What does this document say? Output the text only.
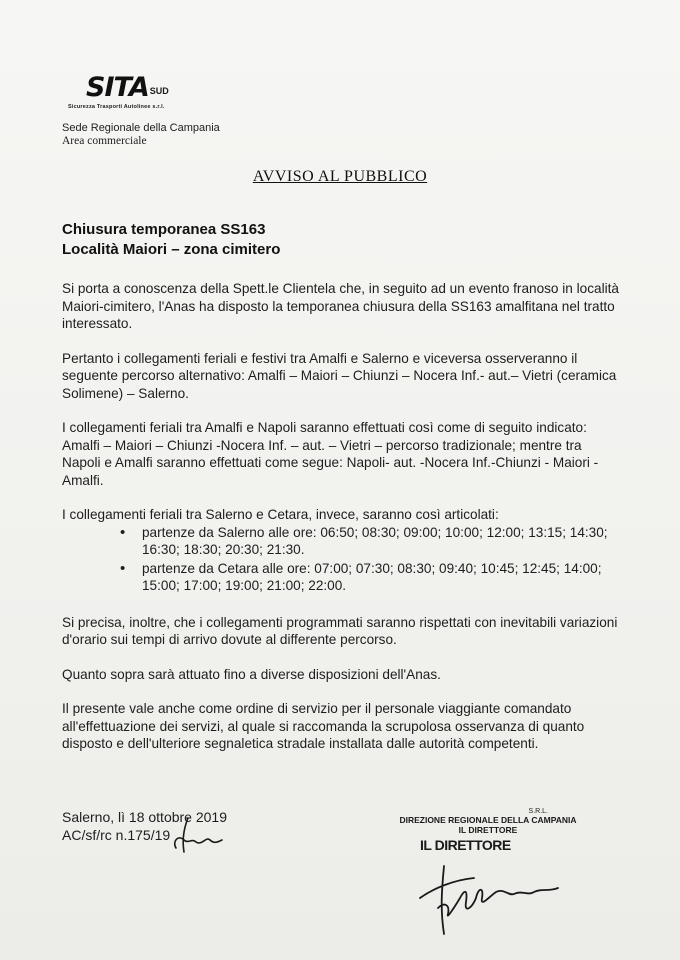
SITASUD
Sicurezza Trasporti Autolinee s.r.l.
Sede Regionale della Campania
Area commerciale
AVVISO AL PUBBLICO
Chiusura temporanea SS163
Località Maiori – zona cimitero

Si porta a conoscenza della Spett.le Clientela che, in seguito ad un evento franoso in località Maiori-cimitero, l'Anas ha disposto la temporanea chiusura della SS163 amalfitana nel tratto interessato.

Pertanto i collegamenti feriali e festivi tra Amalfi e Salerno e viceversa osserveranno il seguente percorso alternativo: Amalfi – Maiori – Chiunzi – Nocera Inf.- aut.– Vietri (ceramica Solimene) – Salerno.

I collegamenti feriali tra Amalfi e Napoli saranno effettuati così come di seguito indicato: Amalfi – Maiori – Chiunzi -Nocera Inf. – aut. – Vietri – percorso tradizionale; mentre tra Napoli e Amalfi saranno effettuati come segue: Napoli- aut. -Nocera Inf.-Chiunzi - Maiori - Amalfi.

I collegamenti feriali tra Salerno e Cetara, invece, saranno così articolati:

• partenze da Salerno alle ore: 06:50; 08:30; 09:00; 10:00; 12:00; 13:15; 14:30; 16:30; 18:30; 20:30; 21:30.
• partenze da Cetara alle ore: 07:00; 07:30; 08:30; 09:40; 10:45; 12:45; 14:00; 15:00; 17:00; 19:00; 21:00; 22:00.

Si precisa, inoltre, che i collegamenti programmati saranno rispettati con inevitabili variazioni d'orario sui tempi di arrivo dovute al differente percorso.

Quanto sopra sarà attuato fino a diverse disposizioni dell'Anas.

Il presente vale anche come ordine di servizio per il personale viaggiante comandato all'effettuazione dei servizi, al quale si raccomanda la scrupolosa osservanza di quanto disposto e dell'ulteriore segnaletica stradale installata dalle autorità competenti.

Salerno, lì 18 ottobre 2019
AC/sf/rc n.175/19
S.R.L.
DIREZIONE REGIONALE DELLA CAMPANIA
IL DIRETTORE
IL DIRETTORE
